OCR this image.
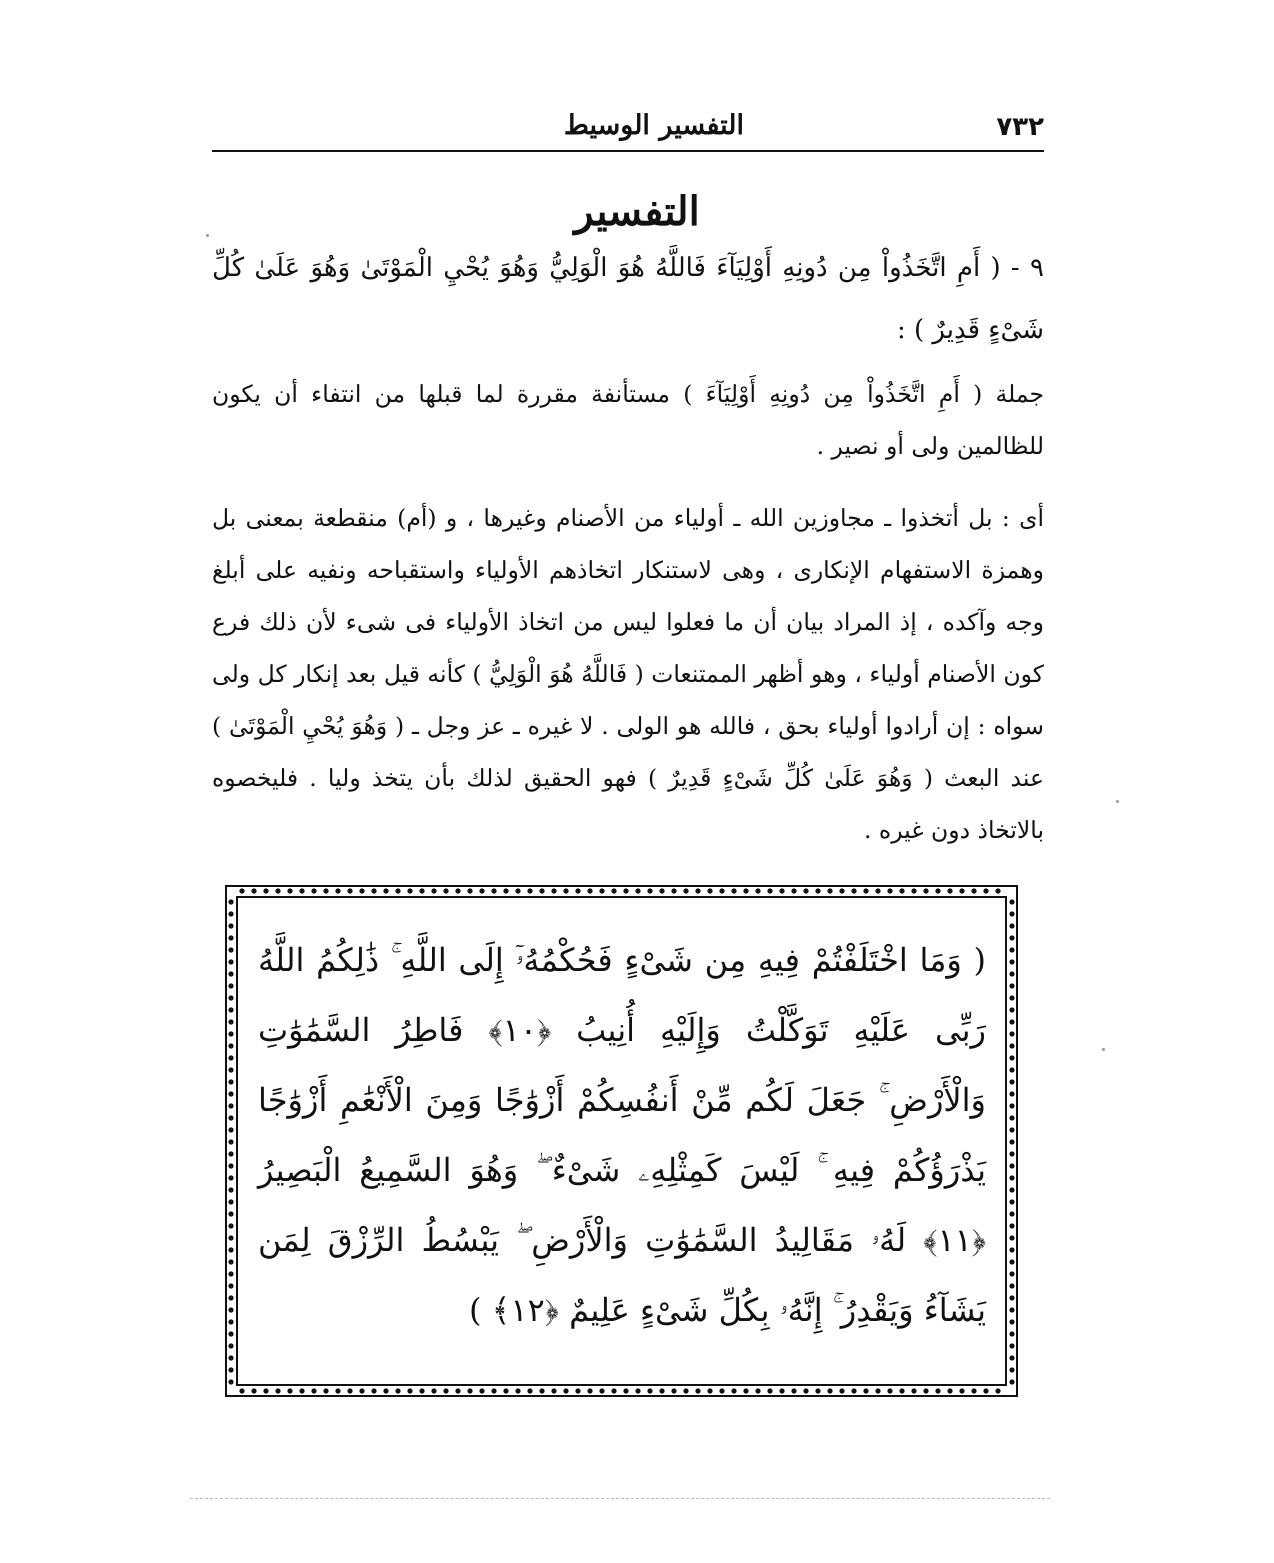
٧٣٢
التفسير الوسيط
التفسير
٩ - ( أَمِ اتَّخَذُواْ مِن دُونِهِ أَوْلِيَآءَ فَاللَّهُ هُوَ الْوَلِيُّ وَهُوَ يُحْيِ الْمَوْتَىٰ وَهُوَ عَلَىٰ كُلِّ شَىْءٍ قَدِيرٌ ) :
جملة ( أَمِ اتَّخَذُواْ مِن دُونِهِ أَوْلِيَآءَ ) مستأنفة مقررة لما قبلها من انتفاء أن يكون للظالمين ولى أو نصير .
أى : بل أتخذوا ـ مجاوزين الله ـ أولياء من الأصنام وغيرها ، و (أم) منقطعة بمعنى بل وهمزة الاستفهام الإنكارى ، وهى لاستنكار اتخاذهم الأولياء واستقباحه ونفيه على أبلغ وجه وآكده ، إذ المراد بيان أن ما فعلوا ليس من اتخاذ الأولياء فى شىء لأن ذلك فرع كون الأصنام أولياء ، وهو أظهر الممتنعات ( فَاللَّهُ هُوَ الْوَلِيُّ ) كأنه قيل بعد إنكار كل ولى سواه : إن أرادوا أولياء بحق ، فالله هو الولى . لا غيره ـ عز وجل ـ ( وَهُوَ يُحْيِ الْمَوْتَىٰ ) عند البعث ( وَهُوَ عَلَىٰ كُلِّ شَىْءٍ قَدِيرٌ ) فهو الحقيق لذلك بأن يتخذ وليا . فليخصوه بالاتخاذ دون غيره .
( وَمَا اخْتَلَفْتُمْ فِيهِ مِن شَىْءٍ فَحُكْمُهُۥٓ إِلَى اللَّهِ ۚ ذَٰلِكُمُ اللَّهُ رَبِّى عَلَيْهِ تَوَكَّلْتُ وَإِلَيْهِ أُنِيبُ ﴿١٠﴾ فَاطِرُ السَّمَٰوَٰتِ وَالْأَرْضِ ۚ جَعَلَ لَكُم مِّنْ أَنفُسِكُمْ أَزْوَٰجًا وَمِنَ الْأَنْعَٰمِ أَزْوَٰجًا يَذْرَؤُكُمْ فِيهِ ۚ لَيْسَ كَمِثْلِهِۦ شَىْءٌ ۖ وَهُوَ السَّمِيعُ الْبَصِيرُ ﴿١١﴾ لَهُۥ مَقَالِيدُ السَّمَٰوَٰتِ وَالْأَرْضِ ۖ يَبْسُطُ الرِّزْقَ لِمَن يَشَآءُ وَيَقْدِرُ ۚ إِنَّهُۥ بِكُلِّ شَىْءٍ عَلِيمٌ ﴿١٢﴾ )
